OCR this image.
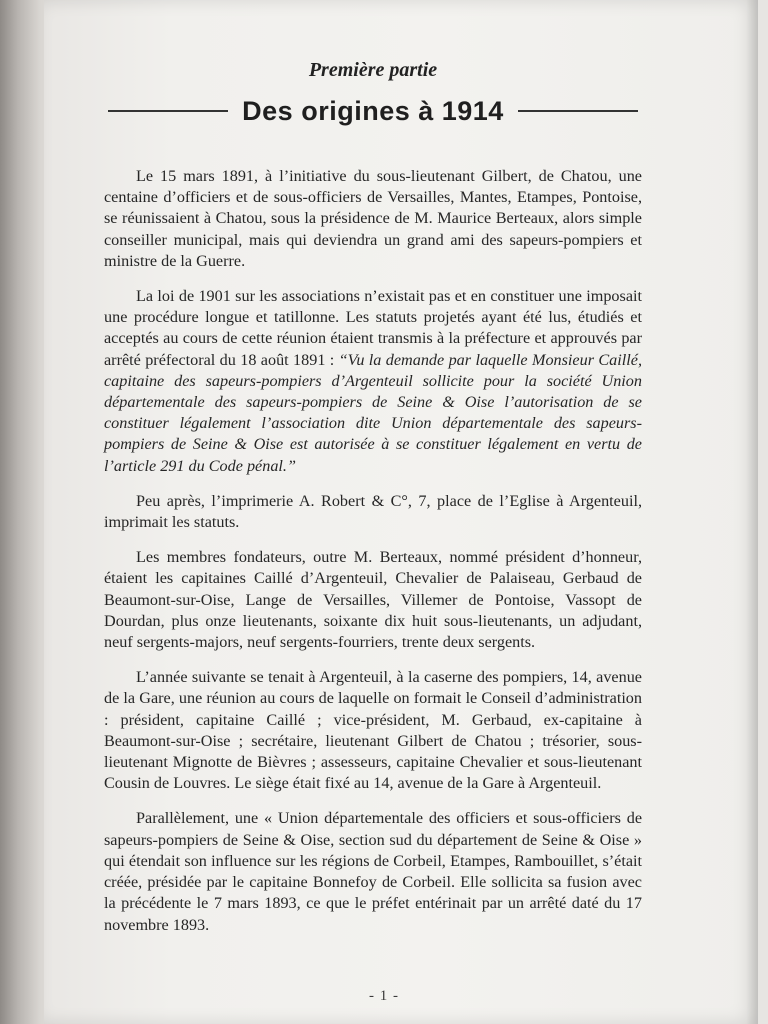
Première partie
Des origines à 1914

Le 15 mars 1891, à l’initiative du sous-lieutenant Gilbert, de Chatou, une centaine d’officiers et de sous-officiers de Versailles, Mantes, Etampes, Pontoise, se réunissaient à Chatou, sous la présidence de M. Maurice Berteaux, alors simple conseiller municipal, mais qui deviendra un grand ami des sapeurs-pompiers et ministre de la Guerre.

La loi de 1901 sur les associations n’existait pas et en constituer une imposait une procédure longue et tatillonne. Les statuts projetés ayant été lus, étudiés et acceptés au cours de cette réunion étaient transmis à la préfecture et approuvés par arrêté préfectoral du 18 août 1891 : “Vu la demande par laquelle Monsieur Caillé, capitaine des sapeurs-pompiers d’Argenteuil sollicite pour la société Union départementale des sapeurs-pompiers de Seine & Oise l’autorisation de se constituer légalement l’association dite Union départementale des sapeurs-pompiers de Seine & Oise est autorisée à se constituer légalement en vertu de l’article 291 du Code pénal.”

Peu après, l’imprimerie A. Robert & C°, 7, place de l’Eglise à Argenteuil, imprimait les statuts.

Les membres fondateurs, outre M. Berteaux, nommé président d’honneur, étaient les capitaines Caillé d’Argenteuil, Chevalier de Palaiseau, Gerbaud de Beaumont-sur-Oise, Lange de Versailles, Villemer de Pontoise, Vassopt de Dourdan, plus onze lieutenants, soixante dix huit sous-lieutenants, un adjudant, neuf sergents-majors, neuf sergents-fourriers, trente deux sergents.

L’année suivante se tenait à Argenteuil, à la caserne des pompiers, 14, avenue de la Gare, une réunion au cours de laquelle on formait le Conseil d’administration : président, capitaine Caillé ; vice-président, M. Gerbaud, ex-capitaine à Beaumont-sur-Oise ; secrétaire, lieutenant Gilbert de Chatou ; trésorier, sous-lieutenant Mignotte de Bièvres ; assesseurs, capitaine Chevalier et sous-lieutenant Cousin de Louvres. Le siège était fixé au 14, avenue de la Gare à Argenteuil.

Parallèlement, une « Union départementale des officiers et sous-officiers de sapeurs-pompiers de Seine & Oise, section sud du département de Seine & Oise » qui étendait son influence sur les régions de Corbeil, Etampes, Rambouillet, s’était créée, présidée par le capitaine Bonnefoy de Corbeil. Elle sollicita sa fusion avec la précédente le 7 mars 1893, ce que le préfet entérinait par un arrêté daté du 17 novembre 1893.

- 1 -
